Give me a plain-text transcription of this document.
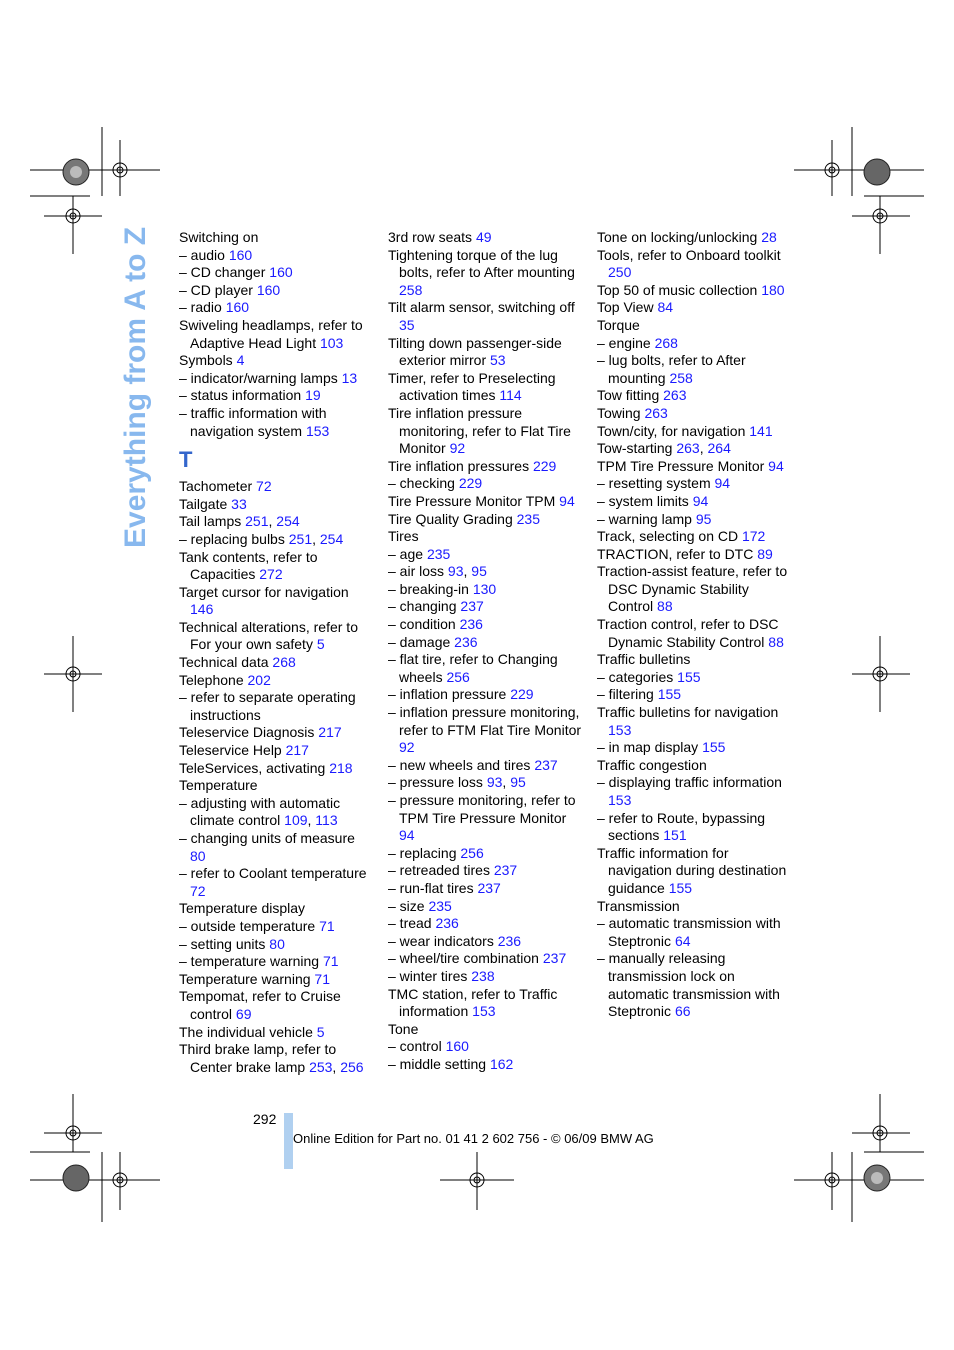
Everything from A to Z Switching on
– audio 160
– CD changer 160
– CD player 160
– radio 160
Swiveling headlamps, refer to Adaptive Head Light 103
Symbols 4
– indicator/warning lamps 13
– status information 19
– traffic information with navigation system 153
T
Tachometer 72
Tailgate 33
Tail lamps 251, 254
– replacing bulbs 251, 254
Tank contents, refer to Capacities 272
Target cursor for navigation 146
Technical alterations, refer to For your own safety 5
Technical data 268
Telephone 202
– refer to separate operating instructions
Teleservice Diagnosis 217
Teleservice Help 217
TeleServices, activating 218
Temperature
– adjusting with automatic climate control 109, 113
– changing units of measure 80
– refer to Coolant temperature 72
Temperature display
– outside temperature 71
– setting units 80
– temperature warning 71
Temperature warning 71
Tempomat, refer to Cruise control 69
The individual vehicle 5
Third brake lamp, refer to Center brake lamp 253, 256
3rd row seats 49
Tightening torque of the lug bolts, refer to After mounting 258
Tilt alarm sensor, switching off 35
Tilting down passenger-side exterior mirror 53
Timer, refer to Preselecting activation times 114
Tire inflation pressure monitoring, refer to Flat Tire Monitor 92
Tire inflation pressures 229
– checking 229
Tire Pressure Monitor TPM 94
Tire Quality Grading 235
Tires
– age 235
– air loss 93, 95
– breaking-in 130
– changing 237
– condition 236
– damage 236
– flat tire, refer to Changing wheels 256
– inflation pressure 229
– inflation pressure monitoring, refer to FTM Flat Tire Monitor 92
– new wheels and tires 237
– pressure loss 93, 95
– pressure monitoring, refer to TPM Tire Pressure Monitor 94
– replacing 256
– retreaded tires 237
– run-flat tires 237
– size 235
– tread 236
– wear indicators 236
– wheel/tire combination 237
– winter tires 238
TMC station, refer to Traffic information 153
Tone
– control 160
– middle setting 162
Tone on locking/unlocking 28
Tools, refer to Onboard toolkit 250
Top 50 of music collection 180
Top View 84
Torque
– engine 268
– lug bolts, refer to After mounting 258
Tow fitting 263
Towing 263
Town/city, for navigation 141
Tow-starting 263, 264
TPM Tire Pressure Monitor 94
– resetting system 94
– system limits 94
– warning lamp 95
Track, selecting on CD 172
TRACTION, refer to DTC 89
Traction-assist feature, refer to DSC Dynamic Stability Control 88
Traction control, refer to DSC Dynamic Stability Control 88
Traffic bulletins
– categories 155
– filtering 155
Traffic bulletins for navigation 153
– in map display 155
Traffic congestion
– displaying traffic information 153
– refer to Route, bypassing sections 151
Traffic information for navigation during destination guidance 155
Transmission
– automatic transmission with Steptronic 64
– manually releasing transmission lock on automatic transmission with Steptronic 66
292
Online Edition for Part no. 01 41 2 602 756 - © 06/09 BMW AG
